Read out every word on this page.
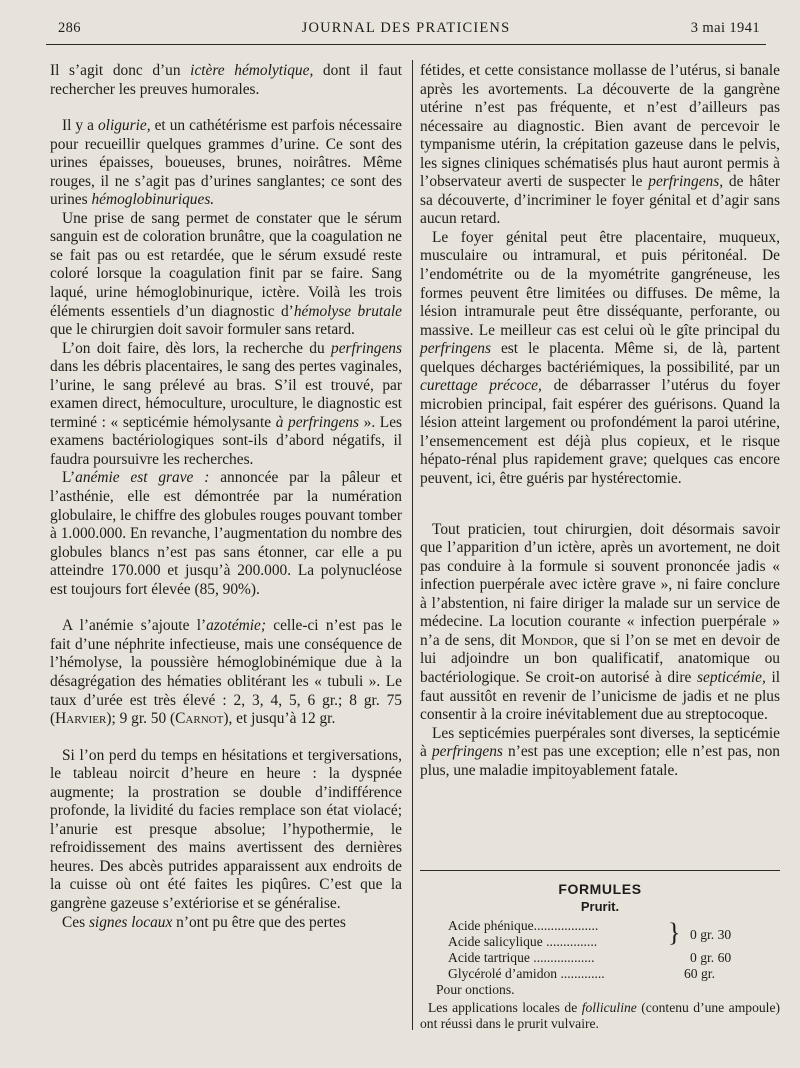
286	JOURNAL DES PRATICIENS	3 mai 1941

Il s’agit donc d’un ictère hémolytique, dont il faut rechercher les preuves humorales.

Il y a oligurie, et un cathétérisme est parfois nécessaire pour recueillir quelques grammes d’urine. Ce sont des urines épaisses, boueuses, brunes, noirâtres. Même rouges, il ne s’agit pas d’urines sanglantes; ce sont des urines hémoglobinuriques.

Une prise de sang permet de constater que le sérum sanguin est de coloration brunâtre, que la coagulation ne se fait pas ou est retardée, que le sérum exsudé reste coloré lorsque la coagulation finit par se faire. Sang laqué, urine hémoglobinurique, ictère. Voilà les trois éléments essentiels d’un diagnostic d’hémolyse brutale que le chirurgien doit savoir formuler sans retard.

L’on doit faire, dès lors, la recherche du perfringens dans les débris placentaires, le sang des pertes vaginales, l’urine, le sang prélevé au bras. S’il est trouvé, par examen direct, hémoculture, uroculture, le diagnostic est terminé : « septicémie hémolysante à perfringens ». Les examens bactériologiques sont-ils d’abord négatifs, il faudra poursuivre les recherches.

L’anémie est grave : annoncée par la pâleur et l’asthénie, elle est démontrée par la numération globulaire, le chiffre des globules rouges pouvant tomber à 1.000.000. En revanche, l’augmentation du nombre des globules blancs n’est pas sans étonner, car elle a pu atteindre 170.000 et jusqu’à 200.000. La polynucléose est toujours fort élevée (85, 90%).

A l’anémie s’ajoute l’azotémie; celle-ci n’est pas le fait d’une néphrite infectieuse, mais une conséquence de l’hémolyse, la poussière hémoglobinémique due à la désagrégation des hématies oblitérant les « tubuli ». Le taux d’urée est très élevé : 2, 3, 4, 5, 6 gr.; 8 gr. 75 (Harvier); 9 gr. 50 (Carnot), et jusqu’à 12 gr.

Si l’on perd du temps en hésitations et tergiversations, le tableau noircit d’heure en heure : la dyspnée augmente; la prostration se double d’indifférence profonde, la lividité du facies remplace son état violacé; l’anurie est presque absolue; l’hypothermie, le refroidissement des mains avertissent des dernières heures. Des abcès putrides apparaissent aux endroits de la cuisse où ont été faites les piqûres. C’est que la gangrène gazeuse s’extériorise et se généralise.

Ces signes locaux n’ont pu être que des pertes

fétides, et cette consistance mollasse de l’utérus, si banale après les avortements. La découverte de la gangrène utérine n’est pas fréquente, et n’est d’ailleurs pas nécessaire au diagnostic. Bien avant de percevoir le tympanisme utérin, la crépitation gazeuse dans le pelvis, les signes cliniques schématisés plus haut auront permis à l’observateur averti de suspecter le perfringens, de hâter sa découverte, d’incriminer le foyer génital et d’agir sans aucun retard.

Le foyer génital peut être placentaire, muqueux, musculaire ou intramural, et puis péritonéal. De l’endométrite ou de la myométrite gangréneuse, les formes peuvent être limitées ou diffuses. De même, la lésion intramurale peut être disséquante, perforante, ou massive. Le meilleur cas est celui où le gîte principal du perfringens est le placenta. Même si, de là, partent quelques décharges bactériémiques, la possibilité, par un curettage précoce, de débarrasser l’utérus du foyer microbien principal, fait espérer des guérisons. Quand la lésion atteint largement ou profondément la paroi utérine, l’ensemencement est déjà plus copieux, et le risque hépato-rénal plus rapidement grave; quelques cas encore peuvent, ici, être guéris par hystérectomie.

Tout praticien, tout chirurgien, doit désormais savoir que l’apparition d’un ictère, après un avortement, ne doit pas conduire à la formule si souvent prononcée jadis « infection puerpérale avec ictère grave », ni faire conclure à l’abstention, ni faire diriger la malade sur un service de médecine. La locution courante « infection puerpérale » n’a de sens, dit Mondor, que si l’on se met en devoir de lui adjoindre un bon qualificatif, anatomique ou bactériologique. Se croit-on autorisé à dire septicémie, il faut aussitôt en revenir de l’unicisme de jadis et ne plus consentir à la croire inévitablement due au streptocoque.

Les septicémies puerpérales sont diverses, la septicémie à perfringens n’est pas une exception; elle n’est pas, non plus, une maladie impitoyablement fatale.

FORMULES
Prurit.
Acide phénique...................	}
Acide salicylique ...............	0 gr. 30
Acide tartrique ..................	0 gr. 60
Glycérolé d’amidon .............	60 gr.
Pour onctions.
Les applications locales de folliculine (contenu d’une ampoule) ont réussi dans le prurit vulvaire.
